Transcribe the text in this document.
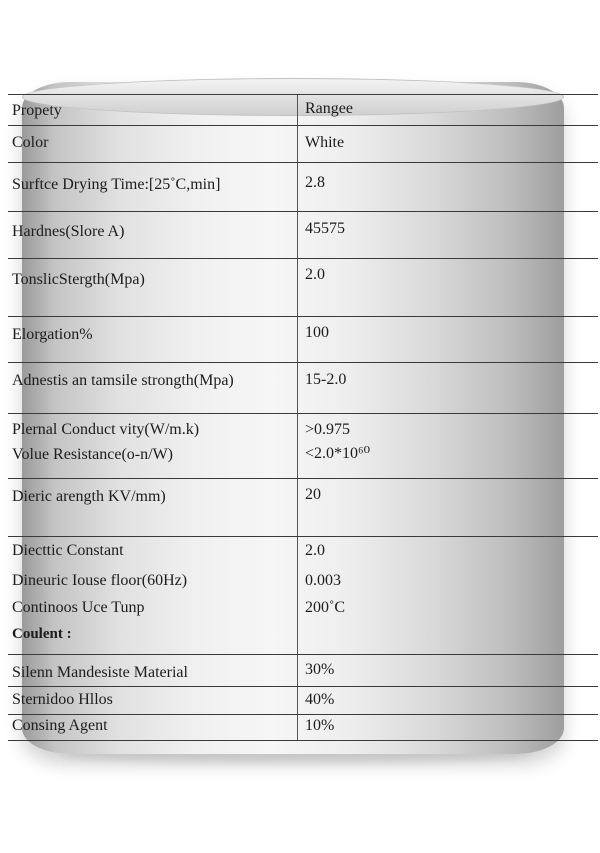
Propety	Rangee
Color	White
Surftce Drying Time:[25˚C,min]	2.8
Hardnes(Slore A)	45575
TonslicStergth(Mpa)	2.0
Elorgation%	100
Adnestis an tamsile strongth(Mpa)	15-2.0
Plernal Conduct vity(W/m.k)	>0.975
Volue Resistance(o-n/W)	<2.0*10⁶⁰
Dieric arength KV/mm)	20
Diecttic Constant	2.0
Dineuric Iouse floor(60Hz)	0.003
Continoos Uce Tunp	200˚C
Coulent :
Silenn Mandesiste Material	30%
Sternidoo Hllos	40%
Consing Agent	10%
